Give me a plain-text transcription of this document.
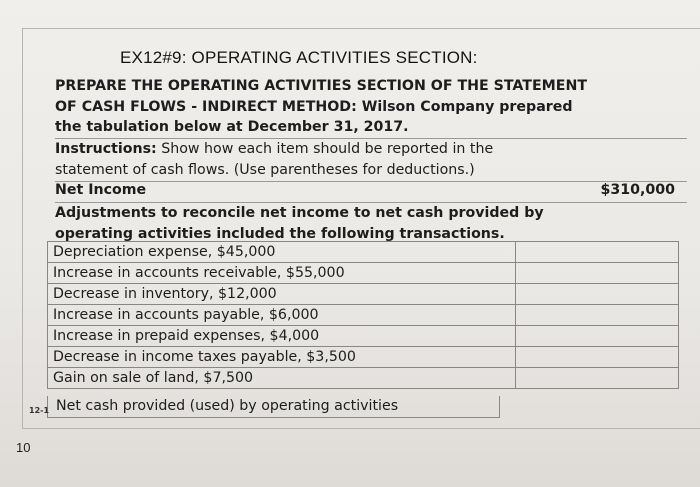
EX12#9: OPERATING ACTIVITIES SECTION:
PREPARE THE OPERATING ACTIVITIES SECTION OF THE STATEMENT
OF CASH FLOWS - INDIRECT METHOD: Wilson Company prepared
the tabulation below at December 31, 2017.
Instructions: Show how each item should be reported in the
statement of cash flows. (Use parentheses for deductions.)
Net Income	$310,000
Adjustments to reconcile net income to net cash provided by
operating activities included the following transactions.
Depreciation expense, $45,000	
Increase in accounts receivable, $55,000	
Decrease in inventory, $12,000	
Increase in accounts payable, $6,000	
Increase in prepaid expenses, $4,000	
Decrease in income taxes payable, $3,500	
Gain on sale of land, $7,500	
Net cash provided (used) by operating activities
12-1
10
